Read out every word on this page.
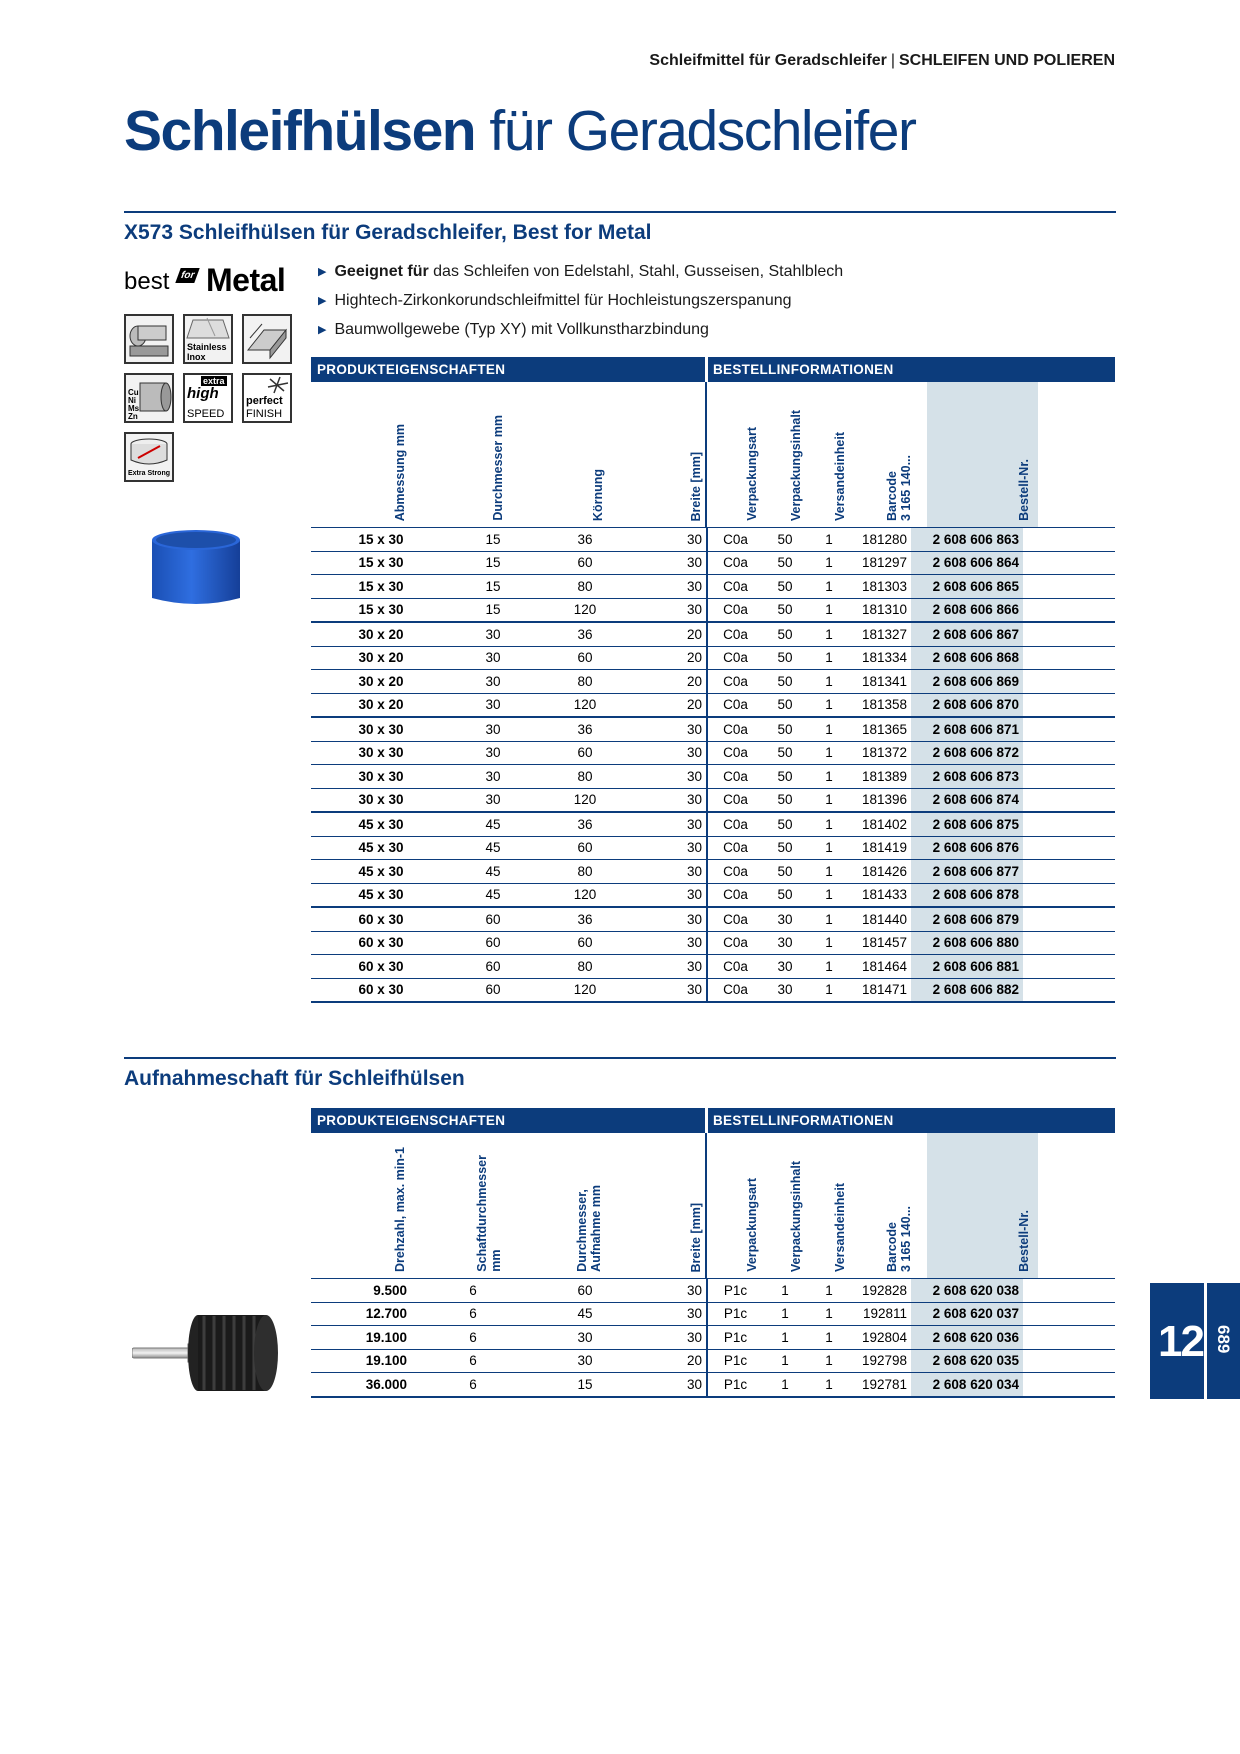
Schleifmittel für Geradschleifer | SCHLEIFEN UND POLIEREN
Schleifhülsen für Geradschleifer
X573 Schleifhülsen für Geradschleifer, Best for Metal
best for Metal	▶ Geeignet für das Schleifen von Edelstahl, Stahl, Gusseisen, Stahlblech
▶ Hightech-Zirkonkorundschleifmittel für Hochleistungszerspanung
▶ Baumwollgewebe (Typ XY) mit Vollkunstharzbindung
Stainless Inox
Cu Ni Ms Zn
extra
high
SPEED
perfect
FINISH
Extra Strong
PRODUKTEIGENSCHAFTEN	BESTELLINFORMATIONEN
Abmessung mm	Durchmesser mm	Körnung	Breite [mm]	Verpackungsart	Verpackungsinhalt	Versandeinheit	Barcode
3 165 140...	Bestell-Nr.
15 x 30	15	36	30	C0a	50	1	181280	2 608 606 863	
15 x 30	15	60	30	C0a	50	1	181297	2 608 606 864	
15 x 30	15	80	30	C0a	50	1	181303	2 608 606 865	
15 x 30	15	120	30	C0a	50	1	181310	2 608 606 866	
30 x 20	30	36	20	C0a	50	1	181327	2 608 606 867	
30 x 20	30	60	20	C0a	50	1	181334	2 608 606 868	
30 x 20	30	80	20	C0a	50	1	181341	2 608 606 869	
30 x 20	30	120	20	C0a	50	1	181358	2 608 606 870	
30 x 30	30	36	30	C0a	50	1	181365	2 608 606 871	
30 x 30	30	60	30	C0a	50	1	181372	2 608 606 872	
30 x 30	30	80	30	C0a	50	1	181389	2 608 606 873	
30 x 30	30	120	30	C0a	50	1	181396	2 608 606 874	
45 x 30	45	36	30	C0a	50	1	181402	2 608 606 875	
45 x 30	45	60	30	C0a	50	1	181419	2 608 606 876	
45 x 30	45	80	30	C0a	50	1	181426	2 608 606 877	
45 x 30	45	120	30	C0a	50	1	181433	2 608 606 878	
60 x 30	60	36	30	C0a	30	1	181440	2 608 606 879	
60 x 30	60	60	30	C0a	30	1	181457	2 608 606 880	
60 x 30	60	80	30	C0a	30	1	181464	2 608 606 881	
60 x 30	60	120	30	C0a	30	1	181471	2 608 606 882	
Aufnahmeschaft für Schleifhülsen
PRODUKTEIGENSCHAFTEN	BESTELLINFORMATIONEN
Drehzahl, max. min-1	Schaftdurchmesser
mm	Durchmesser,
Aufnahme mm	Breite [mm]	Verpackungsart	Verpackungsinhalt	Versandeinheit	Barcode
3 165 140...	Bestell-Nr.
9.500	6	60	30	P1c	1	1	192828	2 608 620 038	
12.700	6	45	30	P1c	1	1	192811	2 608 620 037	
19.100	6	30	30	P1c	1	1	192804	2 608 620 036	
19.100	6	30	20	P1c	1	1	192798	2 608 620 035	
36.000	6	15	30	P1c	1	1	192781	2 608 620 034	
12 689
